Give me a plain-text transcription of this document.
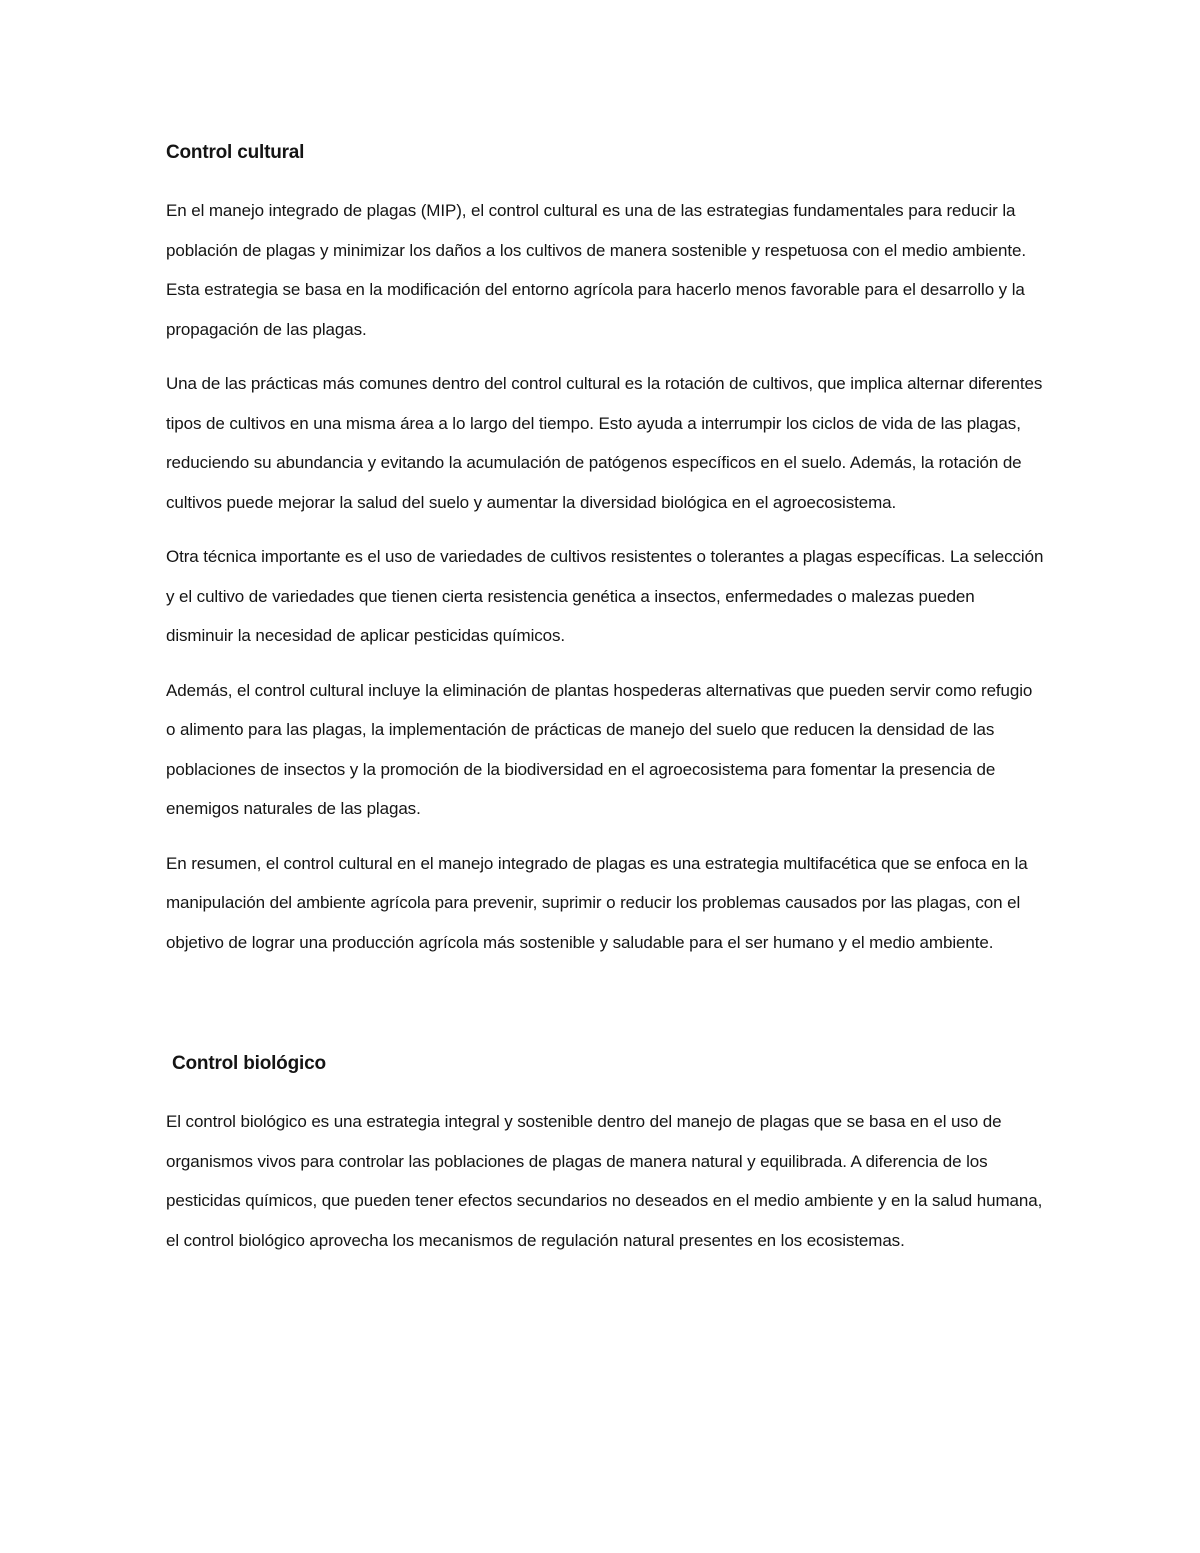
Control cultural

En el manejo integrado de plagas (MIP), el control cultural es una de las estrategias fundamentales para reducir la población de plagas y minimizar los daños a los cultivos de manera sostenible y respetuosa con el medio ambiente. Esta estrategia se basa en la modificación del entorno agrícola para hacerlo menos favorable para el desarrollo y la propagación de las plagas.

Una de las prácticas más comunes dentro del control cultural es la rotación de cultivos, que implica alternar diferentes tipos de cultivos en una misma área a lo largo del tiempo. Esto ayuda a interrumpir los ciclos de vida de las plagas, reduciendo su abundancia y evitando la acumulación de patógenos específicos en el suelo. Además, la rotación de cultivos puede mejorar la salud del suelo y aumentar la diversidad biológica en el agroecosistema.

Otra técnica importante es el uso de variedades de cultivos resistentes o tolerantes a plagas específicas. La selección y el cultivo de variedades que tienen cierta resistencia genética a insectos, enfermedades o malezas pueden disminuir la necesidad de aplicar pesticidas químicos.

Además, el control cultural incluye la eliminación de plantas hospederas alternativas que pueden servir como refugio o alimento para las plagas, la implementación de prácticas de manejo del suelo que reducen la densidad de las poblaciones de insectos y la promoción de la biodiversidad en el agroecosistema para fomentar la presencia de enemigos naturales de las plagas.

En resumen, el control cultural en el manejo integrado de plagas es una estrategia multifacética que se enfoca en la manipulación del ambiente agrícola para prevenir, suprimir o reducir los problemas causados por las plagas, con el objetivo de lograr una producción agrícola más sostenible y saludable para el ser humano y el medio ambiente.

Control biológico

El control biológico es una estrategia integral y sostenible dentro del manejo de plagas que se basa en el uso de organismos vivos para controlar las poblaciones de plagas de manera natural y equilibrada. A diferencia de los pesticidas químicos, que pueden tener efectos secundarios no deseados en el medio ambiente y en la salud humana, el control biológico aprovecha los mecanismos de regulación natural presentes en los ecosistemas.
